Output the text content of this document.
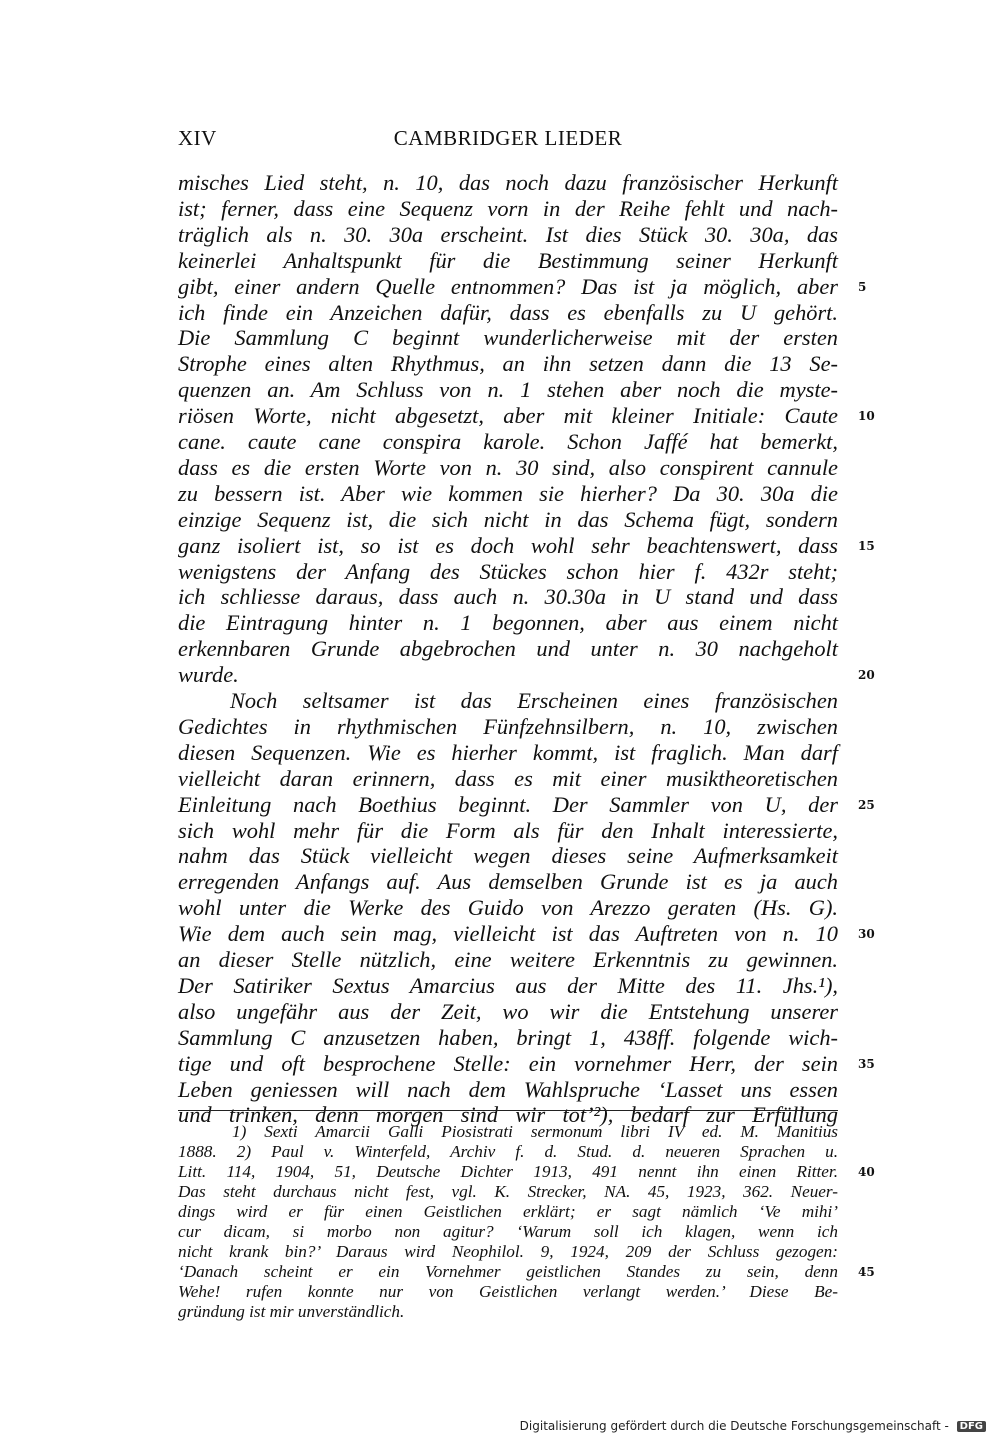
XIV	CAMBRIDGER LIEDER
misches Lied steht, n. 10, das noch dazu französischer Herkunft
ist; ferner, dass eine Sequenz vorn in der Reihe fehlt und nach-
träglich als n. 30. 30a erscheint. Ist dies Stück 30. 30a, das
keinerlei Anhaltspunkt für die Bestimmung seiner Herkunft
gibt, einer andern Quelle entnommen? Das ist ja möglich, aber
ich finde ein Anzeichen dafür, dass es ebenfalls zu U gehört.
Die Sammlung C beginnt wunderlicherweise mit der ersten
Strophe eines alten Rhythmus, an ihn setzen dann die 13 Se-
quenzen an. Am Schluss von n. 1 stehen aber noch die myste-
riösen Worte, nicht abgesetzt, aber mit kleiner Initiale: Caute
cane. caute cane conspira karole. Schon Jaffé hat bemerkt,
dass es die ersten Worte von n. 30 sind, also conspirent cannule
zu bessern ist. Aber wie kommen sie hierher? Da 30. 30a die
einzige Sequenz ist, die sich nicht in das Schema fügt, sondern
ganz isoliert ist, so ist es doch wohl sehr beachtenswert, dass
wenigstens der Anfang des Stückes schon hier f. 432r steht;
ich schliesse daraus, dass auch n. 30.30a in U stand und dass
die Eintragung hinter n. 1 begonnen, aber aus einem nicht
erkennbaren Grunde abgebrochen und unter n. 30 nachgeholt
wurde.
Noch seltsamer ist das Erscheinen eines französischen
Gedichtes in rhythmischen Fünfzehnsilbern, n. 10, zwischen
diesen Sequenzen. Wie es hierher kommt, ist fraglich. Man darf
vielleicht daran erinnern, dass es mit einer musiktheoretischen
Einleitung nach Boethius beginnt. Der Sammler von U, der
sich wohl mehr für die Form als für den Inhalt interessierte,
nahm das Stück vielleicht wegen dieses seine Aufmerksamkeit
erregenden Anfangs auf. Aus demselben Grunde ist es ja auch
wohl unter die Werke des Guido von Arezzo geraten (Hs. G).
Wie dem auch sein mag, vielleicht ist das Auftreten von n. 10
an dieser Stelle nützlich, eine weitere Erkenntnis zu gewinnen.
Der Satiriker Sextus Amarcius aus der Mitte des 11. Jhs.¹),
also ungefähr aus der Zeit, wo wir die Entstehung unserer
Sammlung C anzusetzen haben, bringt 1, 438ff. folgende wich-
tige und oft besprochene Stelle: ein vornehmer Herr, der sein
Leben geniessen will nach dem Wahlspruche ‘Lasset uns essen
und trinken, denn morgen sind wir tot’²), bedarf zur Erfüllung
5
10
15
20
25
30
35
1) Sexti Amarcii Galli Piosistrati sermonum libri IV ed. M. Manitius
1888. 2) Paul v. Winterfeld, Archiv f. d. Stud. d. neueren Sprachen u.
Litt. 114, 1904, 51, Deutsche Dichter 1913, 491 nennt ihn einen Ritter.
Das steht durchaus nicht fest, vgl. K. Strecker, NA. 45, 1923, 362. Neuer-
dings wird er für einen Geistlichen erklärt; er sagt nämlich ‘Ve mihi’
cur dicam, si morbo non agitur? ‘Warum soll ich klagen, wenn ich
nicht krank bin?’ Daraus wird Neophilol. 9, 1924, 209 der Schluss gezogen:
‘Danach scheint er ein Vornehmer geistlichen Standes zu sein, denn
Wehe! rufen konnte nur von Geistlichen verlangt werden.’ Diese Be-
gründung ist mir unverständlich.
40
45
Digitalisierung gefördert durch die Deutsche Forschungsgemeinschaft - DFG
